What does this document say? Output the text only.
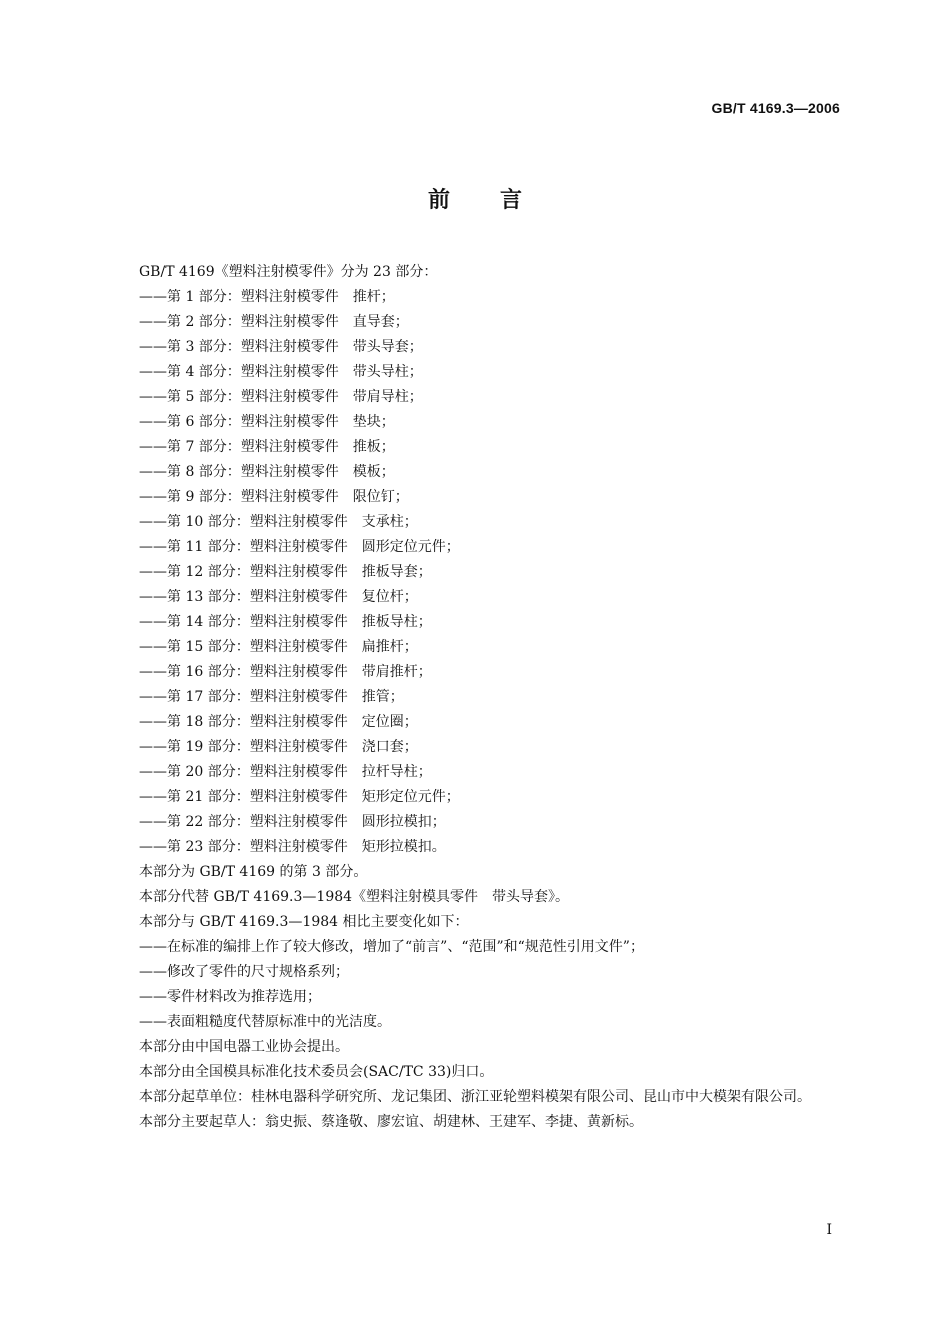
GB/T 4169.3—2006
前言
GB/T 4169《塑料注射模零件》分为 23 部分：
——第 1 部分：塑料注射模零件　推杆；
——第 2 部分：塑料注射模零件　直导套；
——第 3 部分：塑料注射模零件　带头导套；
——第 4 部分：塑料注射模零件　带头导柱；
——第 5 部分：塑料注射模零件　带肩导柱；
——第 6 部分：塑料注射模零件　垫块；
——第 7 部分：塑料注射模零件　推板；
——第 8 部分：塑料注射模零件　模板；
——第 9 部分：塑料注射模零件　限位钉；
——第 10 部分：塑料注射模零件　支承柱；
——第 11 部分：塑料注射模零件　圆形定位元件；
——第 12 部分：塑料注射模零件　推板导套；
——第 13 部分：塑料注射模零件　复位杆；
——第 14 部分：塑料注射模零件　推板导柱；
——第 15 部分：塑料注射模零件　扁推杆；
——第 16 部分：塑料注射模零件　带肩推杆；
——第 17 部分：塑料注射模零件　推管；
——第 18 部分：塑料注射模零件　定位圈；
——第 19 部分：塑料注射模零件　浇口套；
——第 20 部分：塑料注射模零件　拉杆导柱；
——第 21 部分：塑料注射模零件　矩形定位元件；
——第 22 部分：塑料注射模零件　圆形拉模扣；
——第 23 部分：塑料注射模零件　矩形拉模扣。
本部分为 GB/T 4169 的第 3 部分。
本部分代替 GB/T 4169.3—1984《塑料注射模具零件　带头导套》。
本部分与 GB/T 4169.3—1984 相比主要变化如下：
——在标准的编排上作了较大修改，增加了“前言”、“范围”和“规范性引用文件”；
——修改了零件的尺寸规格系列；
——零件材料改为推荐选用；
——表面粗糙度代替原标准中的光洁度。
本部分由中国电器工业协会提出。
本部分由全国模具标准化技术委员会(SAC/TC 33)归口。
本部分起草单位：桂林电器科学研究所、龙记集团、浙江亚轮塑料模架有限公司、昆山市中大模架有限公司。
本部分主要起草人：翁史振、蔡逢敬、廖宏谊、胡建林、王建军、李捷、黄新标。
I
